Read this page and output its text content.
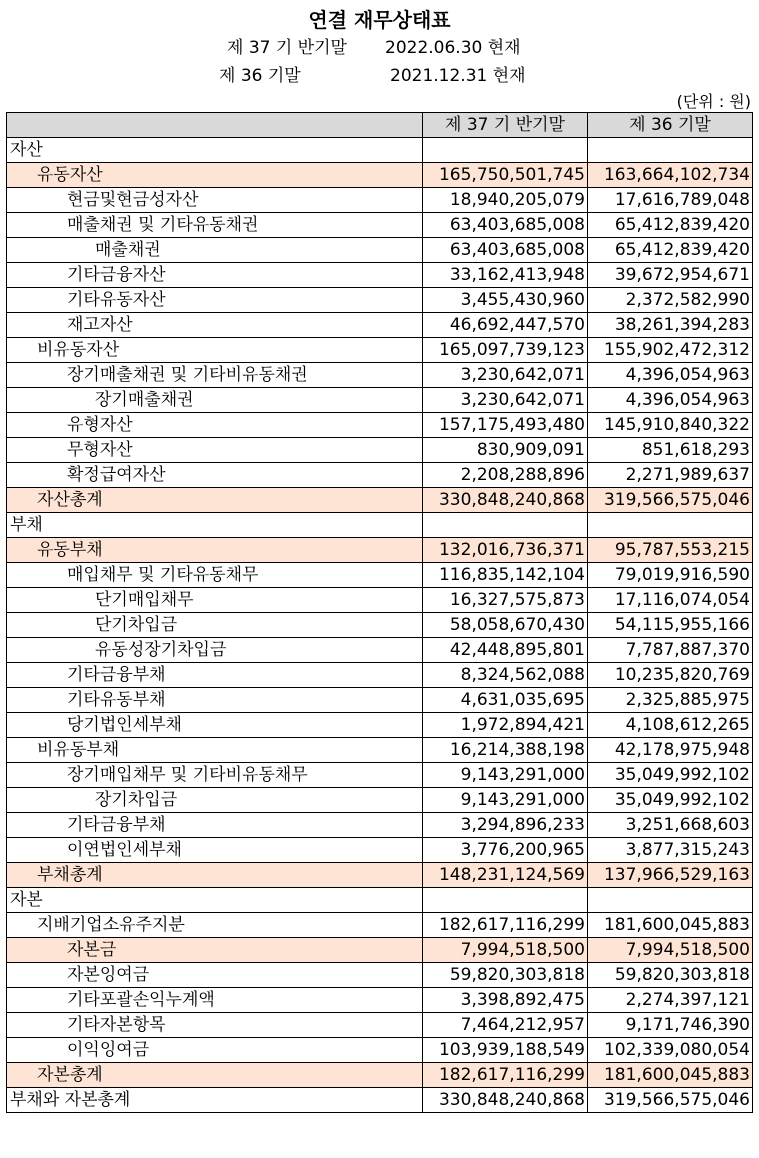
연결 재무상태표
제 37 기 반기말 2022.06.30 현재
제 36 기말	2021.12.31 현재
(단위 : 원)
	제 37 기 반기말	제 36 기말
자산		
유동자산	165,750,501,745	163,664,102,734
현금및현금성자산	18,940,205,079	17,616,789,048
매출채권 및 기타유동채권	63,403,685,008	65,412,839,420
매출채권	63,403,685,008	65,412,839,420
기타금융자산	33,162,413,948	39,672,954,671
기타유동자산	3,455,430,960	2,372,582,990
재고자산	46,692,447,570	38,261,394,283
비유동자산	165,097,739,123	155,902,472,312
장기매출채권 및 기타비유동채권	3,230,642,071	4,396,054,963
장기매출채권	3,230,642,071	4,396,054,963
유형자산	157,175,493,480	145,910,840,322
무형자산	830,909,091	851,618,293
확정급여자산	2,208,288,896	2,271,989,637
자산총계	330,848,240,868	319,566,575,046
부채		
유동부채	132,016,736,371	95,787,553,215
매입채무 및 기타유동채무	116,835,142,104	79,019,916,590
단기매입채무	16,327,575,873	17,116,074,054
단기차입금	58,058,670,430	54,115,955,166
유동성장기차입금	42,448,895,801	7,787,887,370
기타금융부채	8,324,562,088	10,235,820,769
기타유동부채	4,631,035,695	2,325,885,975
당기법인세부채	1,972,894,421	4,108,612,265
비유동부채	16,214,388,198	42,178,975,948
장기매입채무 및 기타비유동채무	9,143,291,000	35,049,992,102
장기차입금	9,143,291,000	35,049,992,102
기타금융부채	3,294,896,233	3,251,668,603
이연법인세부채	3,776,200,965	3,877,315,243
부채총계	148,231,124,569	137,966,529,163
자본		
지배기업소유주지분	182,617,116,299	181,600,045,883
자본금	7,994,518,500	7,994,518,500
자본잉여금	59,820,303,818	59,820,303,818
기타포괄손익누계액	3,398,892,475	2,274,397,121
기타자본항목	7,464,212,957	9,171,746,390
이익잉여금	103,939,188,549	102,339,080,054
자본총계	182,617,116,299	181,600,045,883
부채와 자본총계	330,848,240,868	319,566,575,046
